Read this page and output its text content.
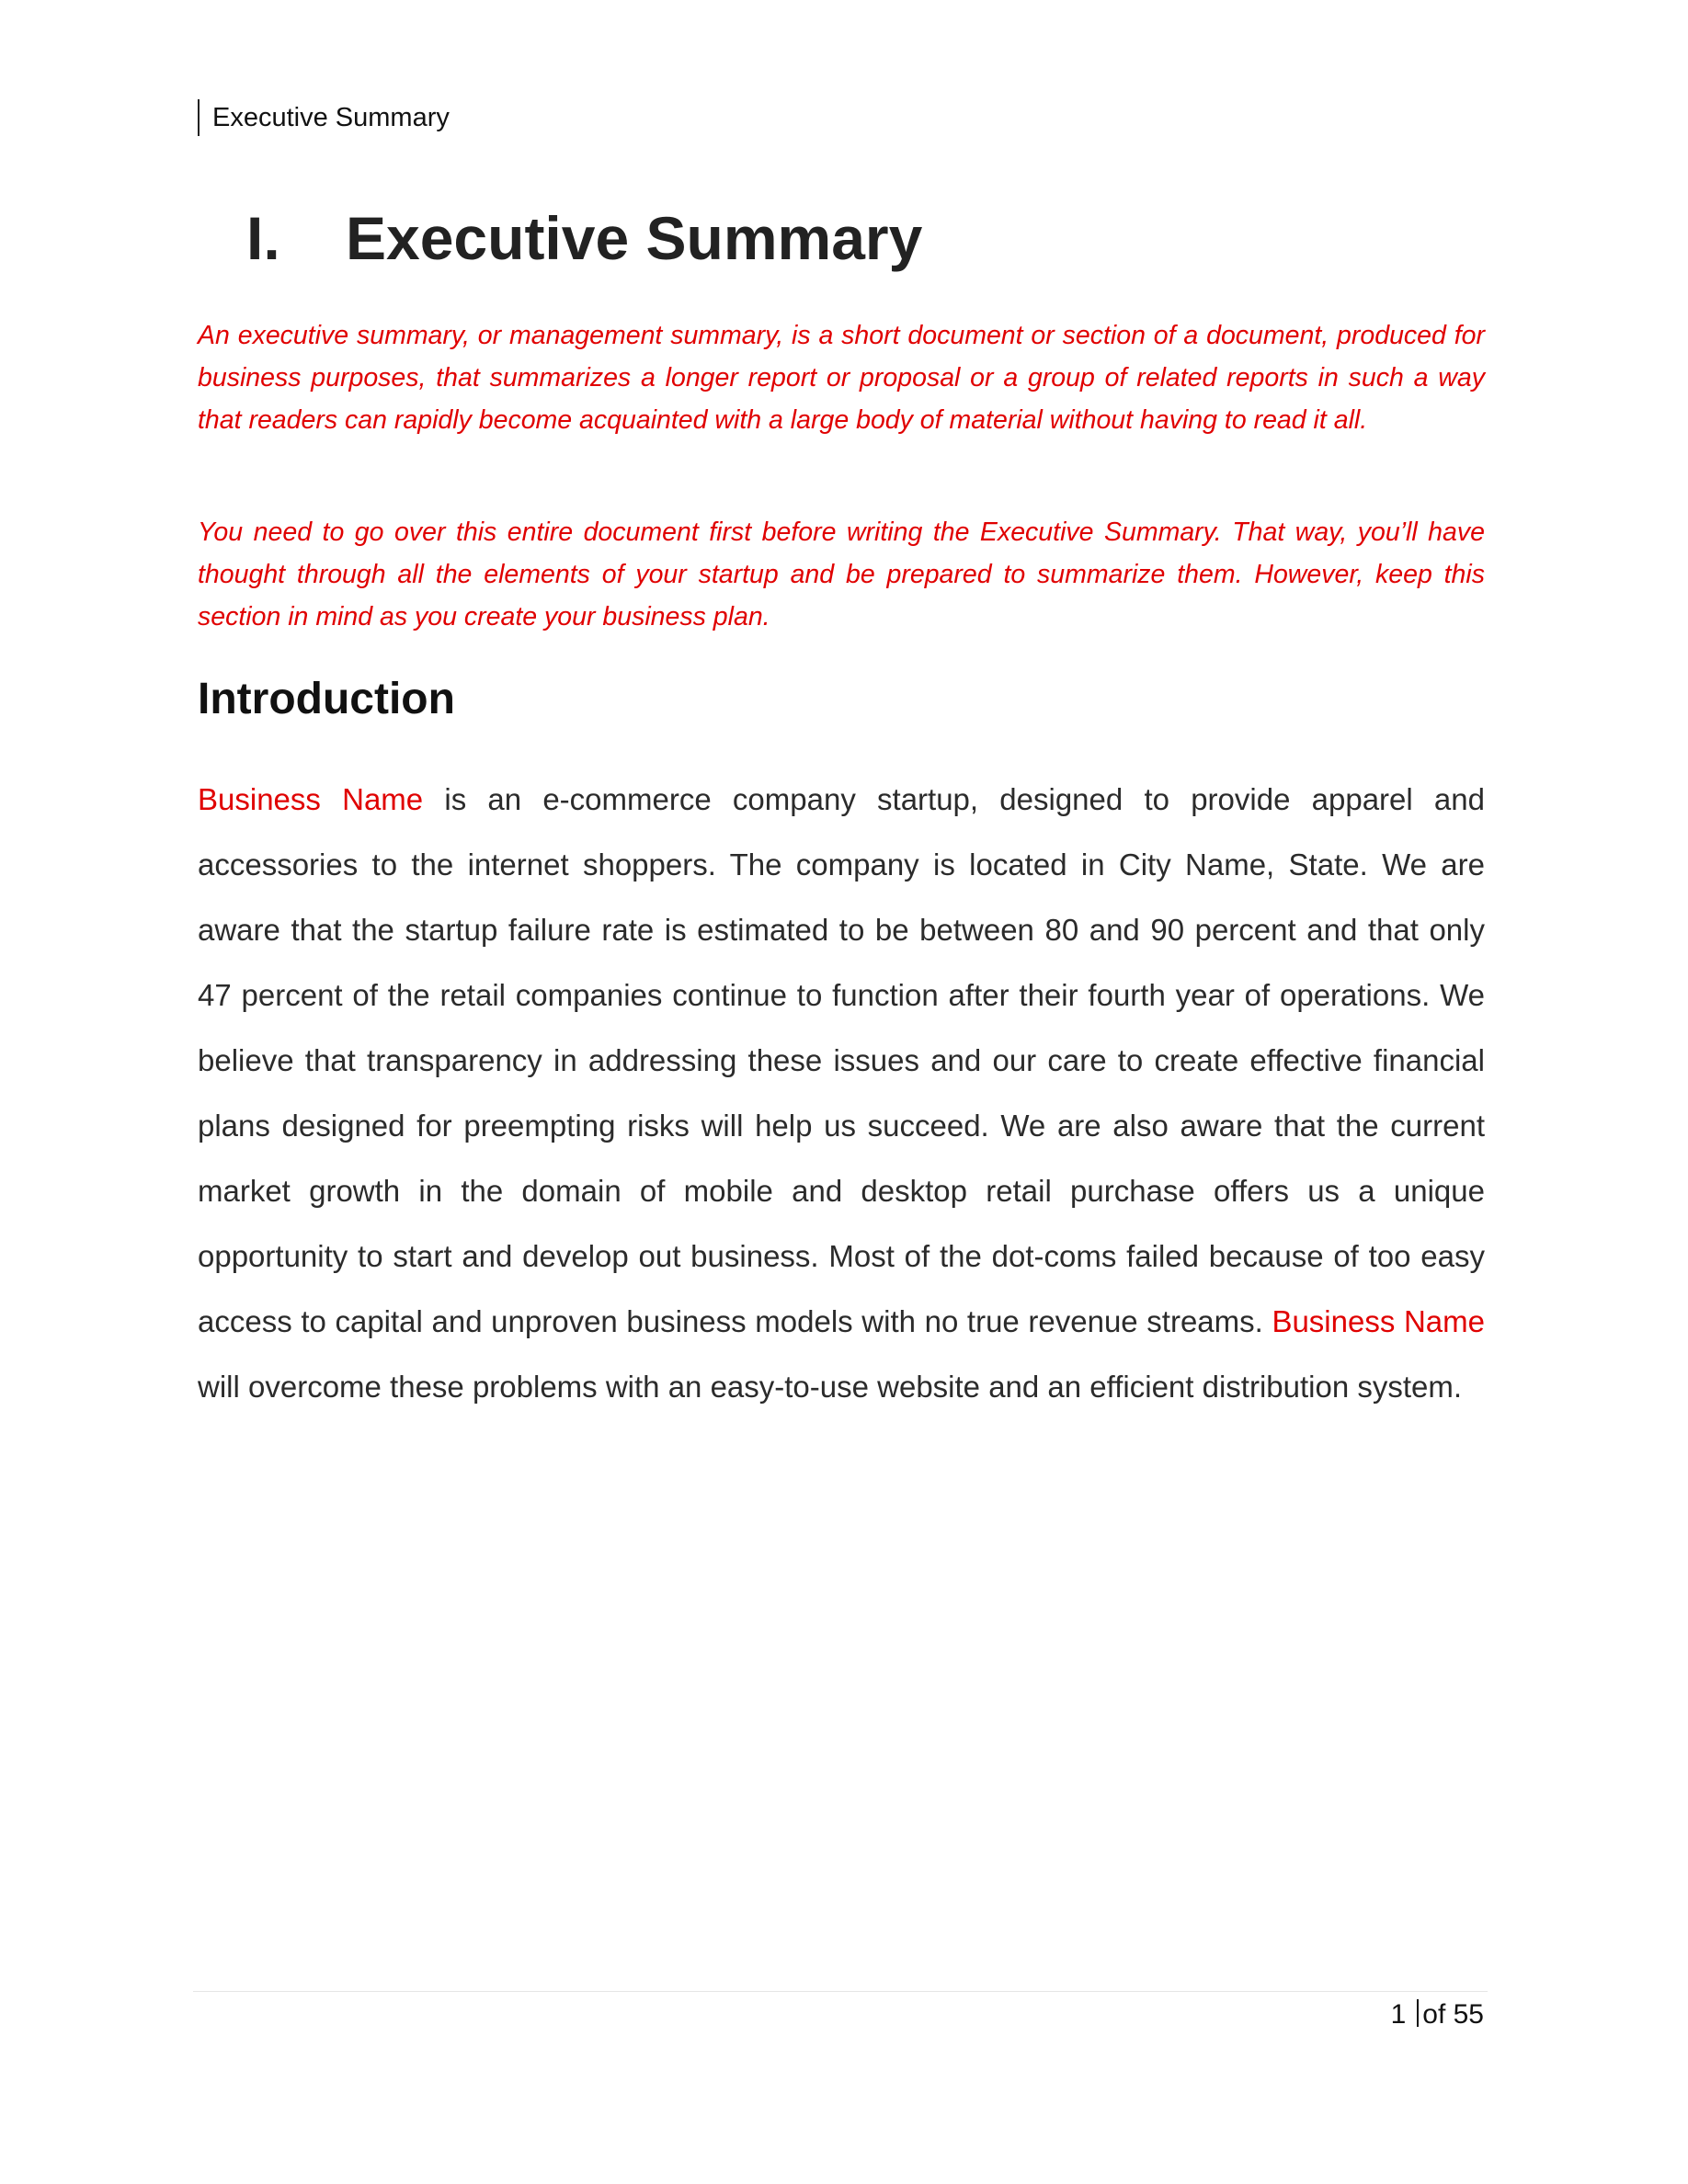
Executive Summary
I. Executive Summary

An executive summary, or management summary, is a short document or section of a document, produced for business purposes, that summarizes a longer report or proposal or a group of related reports in such a way that readers can rapidly become acquainted with a large body of material without having to read it all.

You need to go over this entire document first before writing the Executive Summary. That way, you’ll have thought through all the elements of your startup and be prepared to summarize them. However, keep this section in mind as you create your business plan.

Introduction

Business Name is an e-commerce company startup, designed to provide apparel and accessories to the internet shoppers. The company is located in City Name, State. We are aware that the startup failure rate is estimated to be between 80 and 90 percent and that only 47 percent of the retail companies continue to function after their fourth year of operations. We believe that transparency in addressing these issues and our care to create effective financial plans designed for preempting risks will help us succeed. We are also aware that the current market growth in the domain of mobile and desktop retail purchase offers us a unique opportunity to start and develop out business. Most of the dot-coms failed because of too easy access to capital and unproven business models with no true revenue streams. Business Name will overcome these problems with an easy-to-use website and an efficient distribution system.

1 of 55
